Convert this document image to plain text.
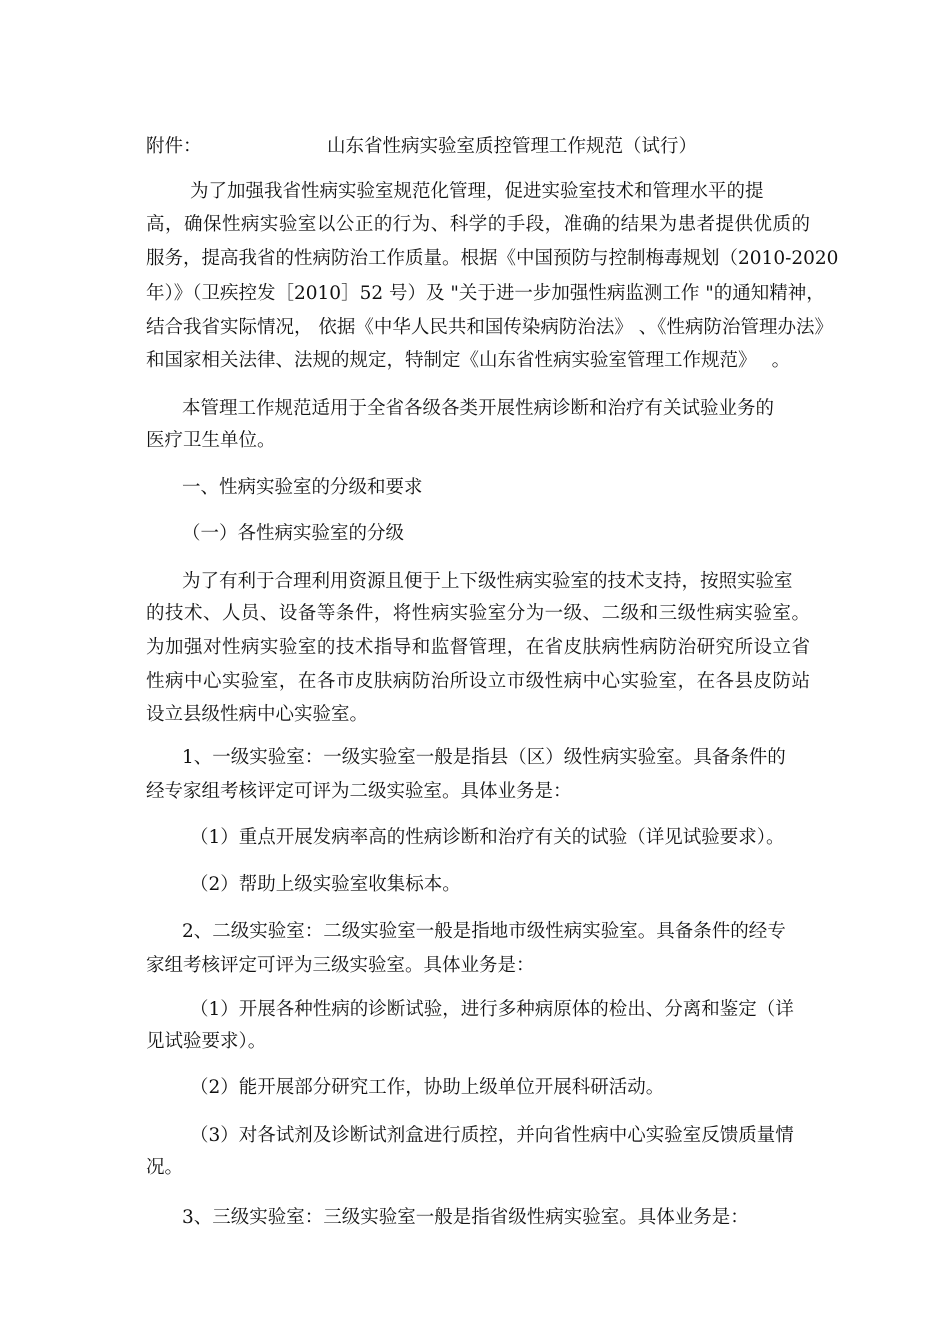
附件：	山东省性病实验室质控管理工作规范（试行）
为了加强我省性病实验室规范化管理，促进实验室技术和管理水平的提
高，确保性病实验室以公正的行为、科学的手段，准确的结果为患者提供优质的
服务，提高我省的性病防治工作质量。根据《中国预防与控制梅毒规划（2010-2020
年）》（卫疾控发［2010］52 号）及 "关于进一步加强性病监测工作 "的通知精神，
结合我省实际情况， 依据《中华人民共和国传染病防治法》 、《性病防治管理办法》
和国家相关法律、法规的规定，特制定《山东省性病实验室管理工作规范》　 。
本管理工作规范适用于全省各级各类开展性病诊断和治疗有关试验业务的
医疗卫生单位。
一、性病实验室的分级和要求
（一）各性病实验室的分级
为了有利于合理利用资源且便于上下级性病实验室的技术支持，按照实验室
的技术、人员、设备等条件，将性病实验室分为一级、二级和三级性病实验室。
为加强对性病实验室的技术指导和监督管理，在省皮肤病性病防治研究所设立省
性病中心实验室，在各市皮肤病防治所设立市级性病中心实验室，在各县皮防站
设立县级性病中心实验室。
1、一级实验室：一级实验室一般是指县（区）级性病实验室。具备条件的
经专家组考核评定可评为二级实验室。具体业务是：
（1）重点开展发病率高的性病诊断和治疗有关的试验（详见试验要求）。
（2）帮助上级实验室收集标本。
2、二级实验室：二级实验室一般是指地市级性病实验室。具备条件的经专
家组考核评定可评为三级实验室。具体业务是：
（1）开展各种性病的诊断试验，进行多种病原体的检出、分离和鉴定（详
见试验要求）。
（2）能开展部分研究工作，协助上级单位开展科研活动。
（3）对各试剂及诊断试剂盒进行质控，并向省性病中心实验室反馈质量情
况。
3、三级实验室：三级实验室一般是指省级性病实验室。具体业务是：
